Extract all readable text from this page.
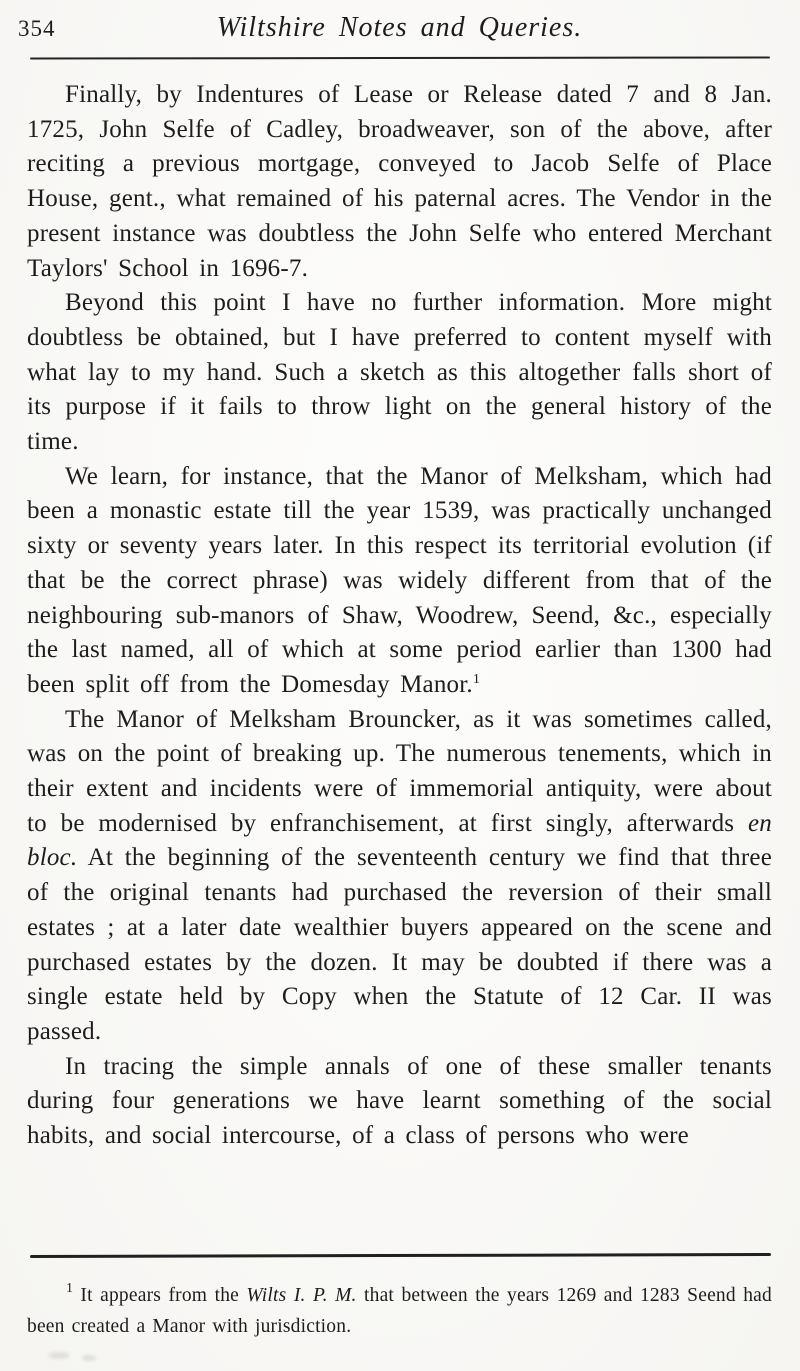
354	Wiltshire Notes and Queries.

Finally, by Indentures of Lease or Release dated 7 and 8 Jan. 1725, John Selfe of Cadley, broadweaver, son of the above, after reciting a previous mortgage, conveyed to Jacob Selfe of Place House, gent., what remained of his paternal acres. The Vendor in the present instance was doubtless the John Selfe who entered Merchant Taylors' School in 1696-7.

Beyond this point I have no further information. More might doubtless be obtained, but I have preferred to content myself with what lay to my hand. Such a sketch as this altogether falls short of its purpose if it fails to throw light on the general history of the time.

We learn, for instance, that the Manor of Melksham, which had been a monastic estate till the year 1539, was practically unchanged sixty or seventy years later. In this respect its territorial evolution (if that be the correct phrase) was widely different from that of the neighbouring sub-manors of Shaw, Woodrew, Seend, &c., especially the last named, all of which at some period earlier than 1300 had been split off from the Domesday Manor.$^1$

The Manor of Melksham Brouncker, as it was sometimes called, was on the point of breaking up. The numerous tenements, which in their extent and incidents were of immemorial antiquity, were about to be modernised by enfranchisement, at first singly, afterwards en bloc. At the beginning of the seventeenth century we find that three of the original tenants had purchased the reversion of their small estates ; at a later date wealthier buyers appeared on the scene and purchased estates by the dozen. It may be doubted if there was a single estate held by Copy when the Statute of 12 Car. II was passed.

In tracing the simple annals of one of these smaller tenants during four generations we have learnt something of the social habits, and social intercourse, of a class of persons who were

$^1$ It appears from the Wilts I. P. M. that between the years 1269 and 1283 Seend had been created a Manor with jurisdiction.
